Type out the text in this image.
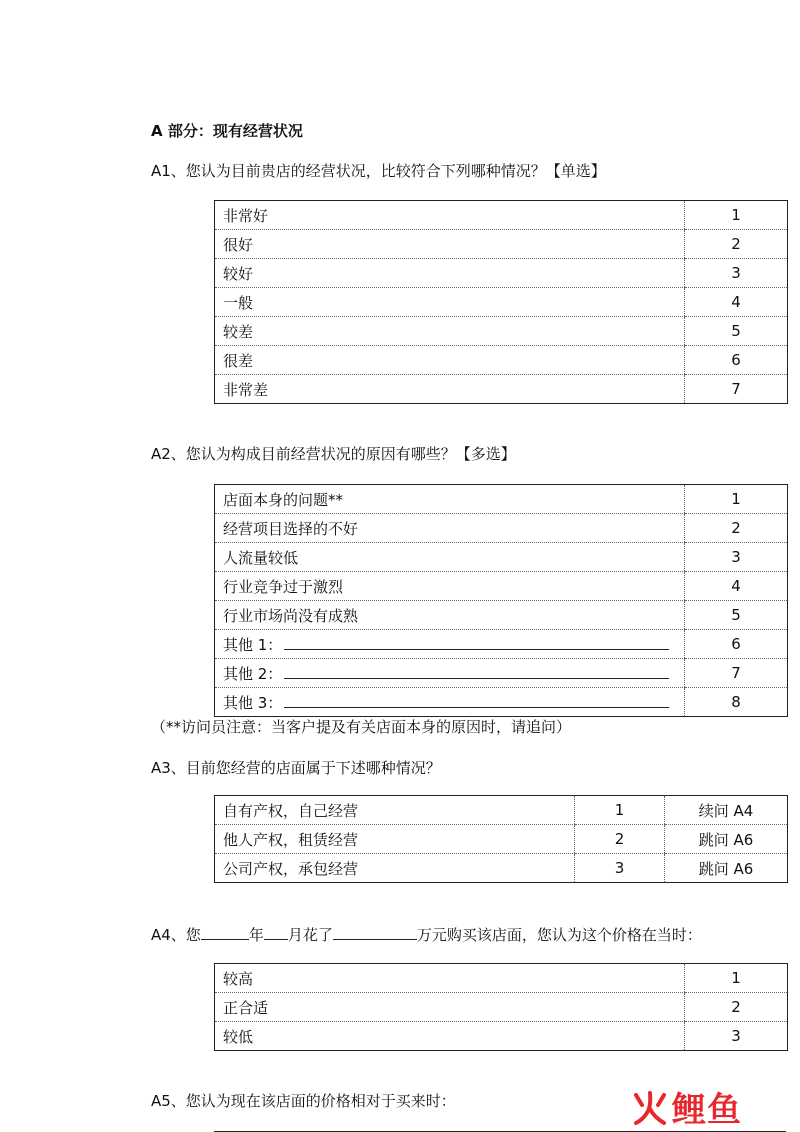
A 部分：现有经营状况
A1、您认为目前贵店的经营状况，比较符合下列哪种情况？【单选】
非常好	1
很好	2
较好	3
一般	4
较差	5
很差	6
非常差	7
A2、您认为构成目前经营状况的原因有哪些？【多选】
店面本身的问题**	1
经营项目选择的不好	2
人流量较低	3
行业竞争过于激烈	4
行业市场尚没有成熟	5
其他 1：	6
其他 2：	7
其他 3：	8
（**访问员注意：当客户提及有关店面本身的原因时，请追问）
A3、目前您经营的店面属于下述哪种情况？
自有产权，自己经营	1	续问 A4
他人产权，租赁经营	2	跳问 A6
公司产权，承包经营	3	跳问 A6
A4、您	年 月花了	万元购买该店面，您认为这个价格在当时：
较高	1
正合适	2
较低	3
A5、您认为现在该店面的价格相对于买来时：	鲤鱼
